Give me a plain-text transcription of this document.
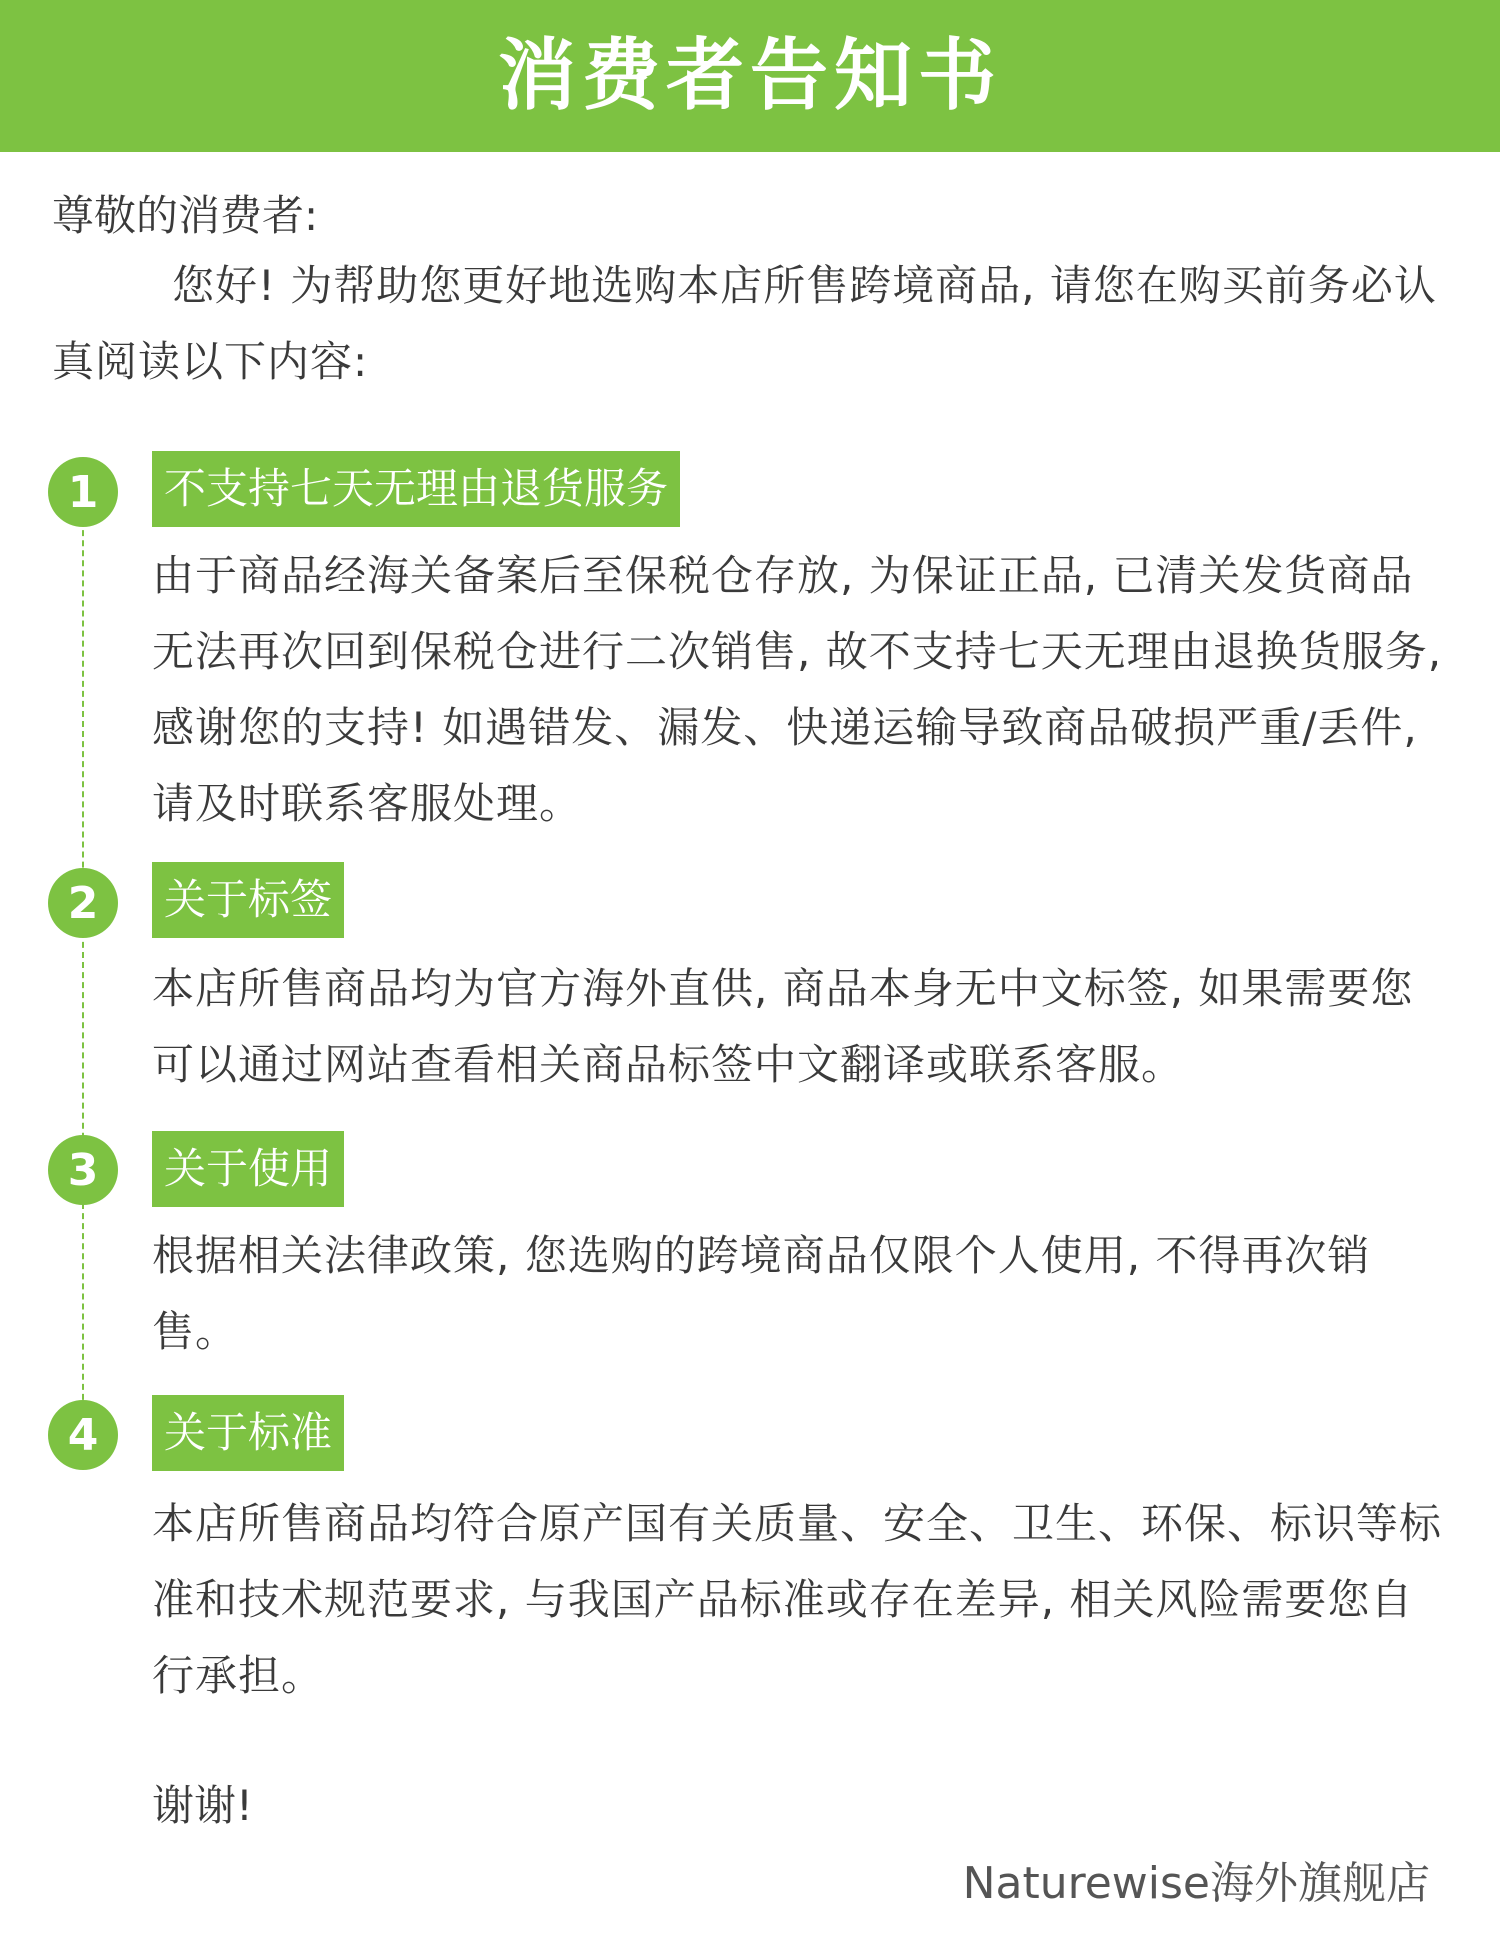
消费者告知书
尊敬的消费者:
您好! 为帮助您更好地选购本店所售跨境商品, 请您在购买前务必认真阅读以下内容:
1	不支持七天无理由退货服务
由于商品经海关备案后至保税仓存放, 为保证正品, 已清关发货商品无法再次回到保税仓进行二次销售, 故不支持七天无理由退换货服务, 感谢您的支持! 如遇错发、漏发、快递运输导致商品破损严重/丢件, 请及时联系客服处理。
2	关于标签
本店所售商品均为官方海外直供, 商品本身无中文标签, 如果需要您可以通过网站查看相关商品标签中文翻译或联系客服。
3	关于使用
根据相关法律政策, 您选购的跨境商品仅限个人使用, 不得再次销售。
4	关于标准
本店所售商品均符合原产国有关质量、安全、卫生、环保、标识等标准和技术规范要求, 与我国产品标准或存在差异, 相关风险需要您自行承担。
谢谢!
Naturewise海外旗舰店
